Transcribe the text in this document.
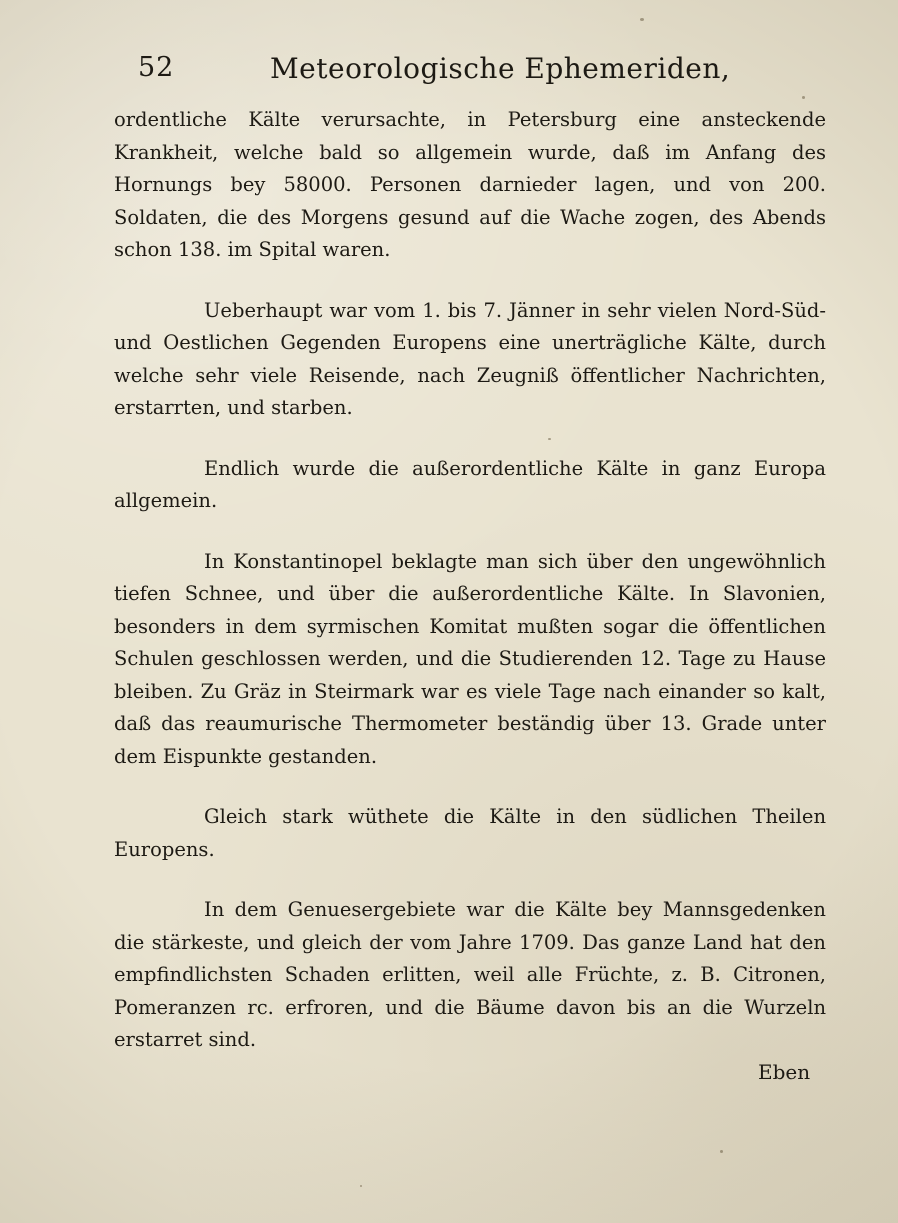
52	Meteorologische Ephemeriden,

ordentliche Kälte verursachte, in Petersburg eine ansteckende Krankheit, welche bald so allgemein wurde, daß im Anfang des Hornungs bey 58000. Personen darnieder lagen, und von 200. Soldaten, die des Morgens gesund auf die Wache zogen, des Abends schon 138. im Spital waren.

Ueberhaupt war vom 1. bis 7. Jänner in sehr vielen Nord-Süd- und Oestlichen Gegenden Europens eine unerträgliche Kälte, durch welche sehr viele Reisende, nach Zeugniß öffentlicher Nachrichten, erstarrten, und starben.

Endlich wurde die außerordentliche Kälte in ganz Europa allgemein.

In Konstantinopel beklagte man sich über den ungewöhnlich tiefen Schnee, und über die außerordentliche Kälte. In Slavonien, besonders in dem syrmischen Komitat mußten sogar die öffentlichen Schulen geschlossen werden, und die Studierenden 12. Tage zu Hause bleiben. Zu Gräz in Steirmark war es viele Tage nach einander so kalt, daß das reaumurische Thermometer beständig über 13. Grade unter dem Eispunkte gestanden.

Gleich stark wüthete die Kälte in den südlichen Theilen Europens.

In dem Genuesergebiete war die Kälte bey Mannsgedenken die stärkeste, und gleich der vom Jahre 1709. Das ganze Land hat den empfindlichsten Schaden erlitten, weil alle Früchte, z. B. Citronen, Pomeranzen rc. erfroren, und die Bäume davon bis an die Wurzeln erstarret sind.

Eben
